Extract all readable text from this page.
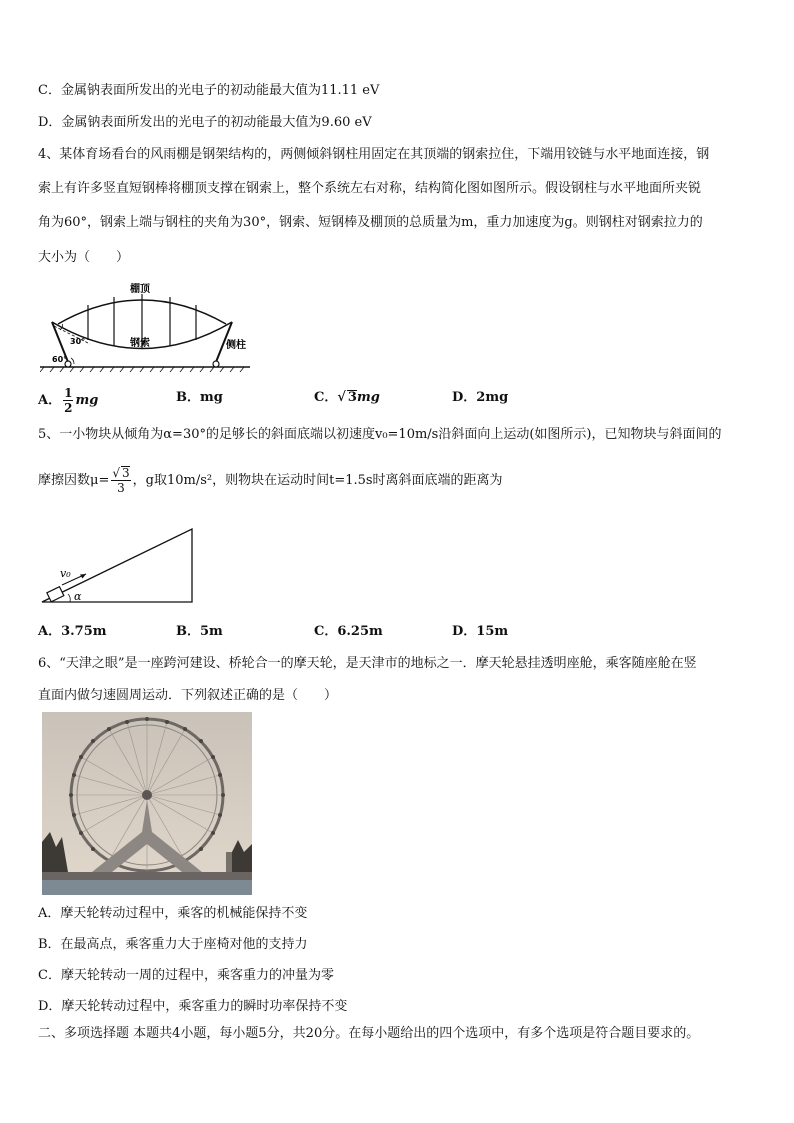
C．金属钠表面所发出的光电子的初动能最大值为11.11 eV
D．金属钠表面所发出的光电子的初动能最大值为9.60 eV
4、某体育场看台的风雨棚是钢架结构的，两侧倾斜钢柱用固定在其顶端的钢索拉住，下端用铰链与水平地面连接，钢
索上有许多竖直短钢棒将棚顶支撑在钢索上，整个系统左右对称，结构简化图如图所示。假设钢柱与水平地面所夹锐
角为60°，钢索上端与钢柱的夹角为30°，钢索、短钢棒及棚顶的总质量为m，重力加速度为g。则钢柱对钢索拉力的
大小为（　　）
棚顶
钢索	侧柱
30°
60°
A． $\frac{1}{2}$ mg	B．mg	C．√ 3mg	D．2mg
5、一小物块从倾角为α=30°的足够长的斜面底端以初速度v₀=10m/s沿斜面向上运动(如图所示)，已知物块与斜面间的
摩擦因数$\mu= \frac{√ 3}{3}$ ，g取10m/s²，则物块在运动时间t=1.5s时离斜面底端的距离为
v₀
α
A．3.75m	B．5m	C．6.25m	D．15m
6、“天津之眼”是一座跨河建设、桥轮合一的摩天轮，是天津市的地标之一．摩天轮悬挂透明座舱，乘客随座舱在竖
直面内做匀速圆周运动．下列叙述正确的是（　　）
A．摩天轮转动过程中，乘客的机械能保持不变
B．在最高点，乘客重力大于座椅对他的支持力
C．摩天轮转动一周的过程中，乘客重力的冲量为零
D．摩天轮转动过程中，乘客重力的瞬时功率保持不变
二、多项选择题 本题共4小题，每小题5分，共20分。在每小题给出的四个选项中，有多个选项是符合题目要求的。
